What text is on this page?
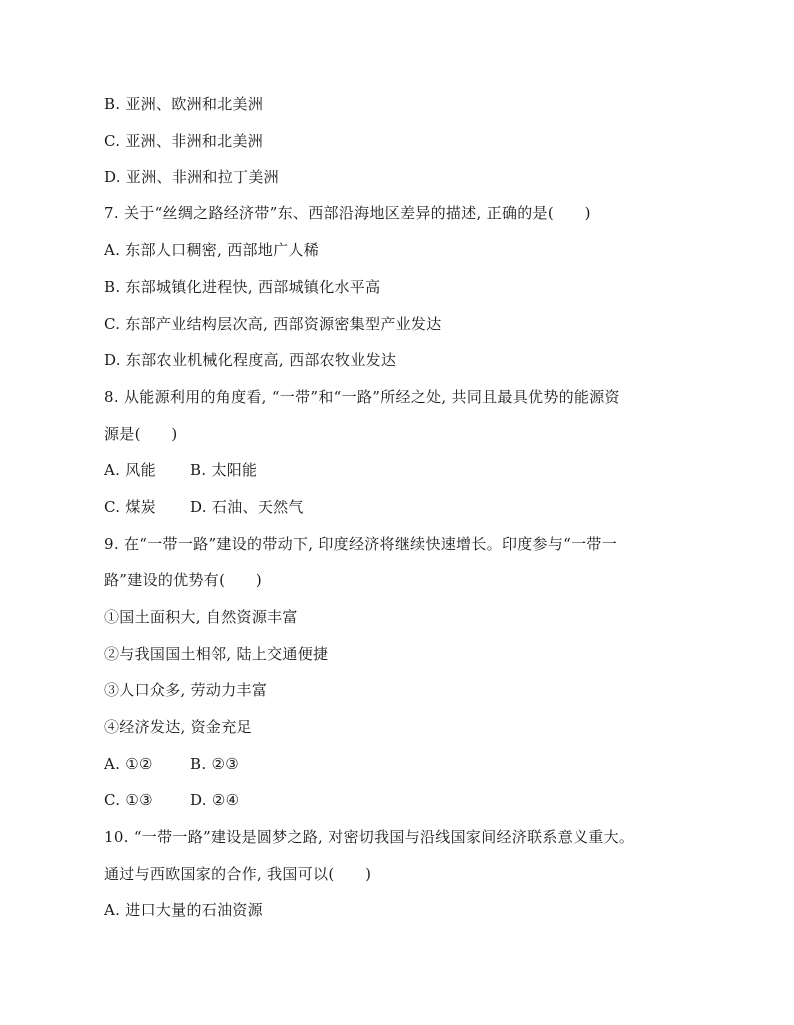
B. 亚洲、欧洲和北美洲
C. 亚洲、非洲和北美洲
D. 亚洲、非洲和拉丁美洲
7. 关于“丝绸之路经济带”东、西部沿海地区差异的描述, 正确的是(　　)
A. 东部人口稠密, 西部地广人稀
B. 东部城镇化进程快, 西部城镇化水平高
C. 东部产业结构层次高, 西部资源密集型产业发达
D. 东部农业机械化程度高, 西部农牧业发达
8. 从能源利用的角度看, “一带”和“一路”所经之处, 共同且最具优势的能源资
源是(　　)
A. 风能 B. 太阳能
C. 煤炭 D. 石油、天然气
9. 在“一带一路”建设的带动下, 印度经济将继续快速增长。印度参与“一带一
路”建设的优势有(　　)
①国土面积大, 自然资源丰富
②与我国国土相邻, 陆上交通便捷
③人口众多, 劳动力丰富
④经济发达, 资金充足
A. ①② B. ②③
C. ①③ D. ②④
10. “一带一路”建设是圆梦之路, 对密切我国与沿线国家间经济联系意义重大。
通过与西欧国家的合作, 我国可以(　　)
A. 进口大量的石油资源
